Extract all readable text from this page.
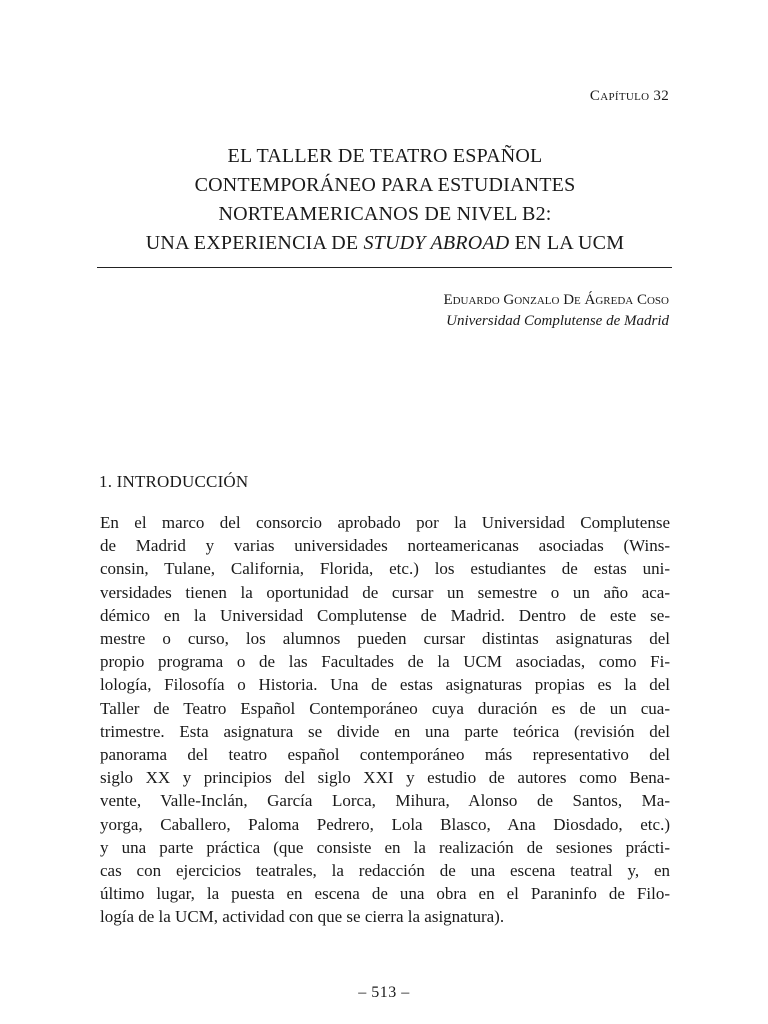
Capítulo 32
EL TALLER DE TEATRO ESPAÑOL
CONTEMPORÁNEO PARA ESTUDIANTES
NORTEAMERICANOS DE NIVEL B2:
UNA EXPERIENCIA DE STUDY ABROAD EN LA UCM
Eduardo Gonzalo De Ágreda Coso
Universidad Complutense de Madrid
1. INTRODUCCIÓN
En el marco del consorcio aprobado por la Universidad Complutense
de Madrid y varias universidades norteamericanas asociadas (Wins-
consin, Tulane, California, Florida, etc.) los estudiantes de estas uni-
versidades tienen la oportunidad de cursar un semestre o un año aca-
démico en la Universidad Complutense de Madrid. Dentro de este se-
mestre o curso, los alumnos pueden cursar distintas asignaturas del
propio programa o de las Facultades de la UCM asociadas, como Fi-
lología, Filosofía o Historia. Una de estas asignaturas propias es la del
Taller de Teatro Español Contemporáneo cuya duración es de un cua-
trimestre. Esta asignatura se divide en una parte teórica (revisión del
panorama del teatro español contemporáneo más representativo del
siglo XX y principios del siglo XXI y estudio de autores como Bena-
vente, Valle-Inclán, García Lorca, Mihura, Alonso de Santos, Ma-
yorga, Caballero, Paloma Pedrero, Lola Blasco, Ana Diosdado, etc.)
y una parte práctica (que consiste en la realización de sesiones prácti-
cas con ejercicios teatrales, la redacción de una escena teatral y, en
último lugar, la puesta en escena de una obra en el Paraninfo de Filo-
logía de la UCM, actividad con que se cierra la asignatura).
– 513 –
